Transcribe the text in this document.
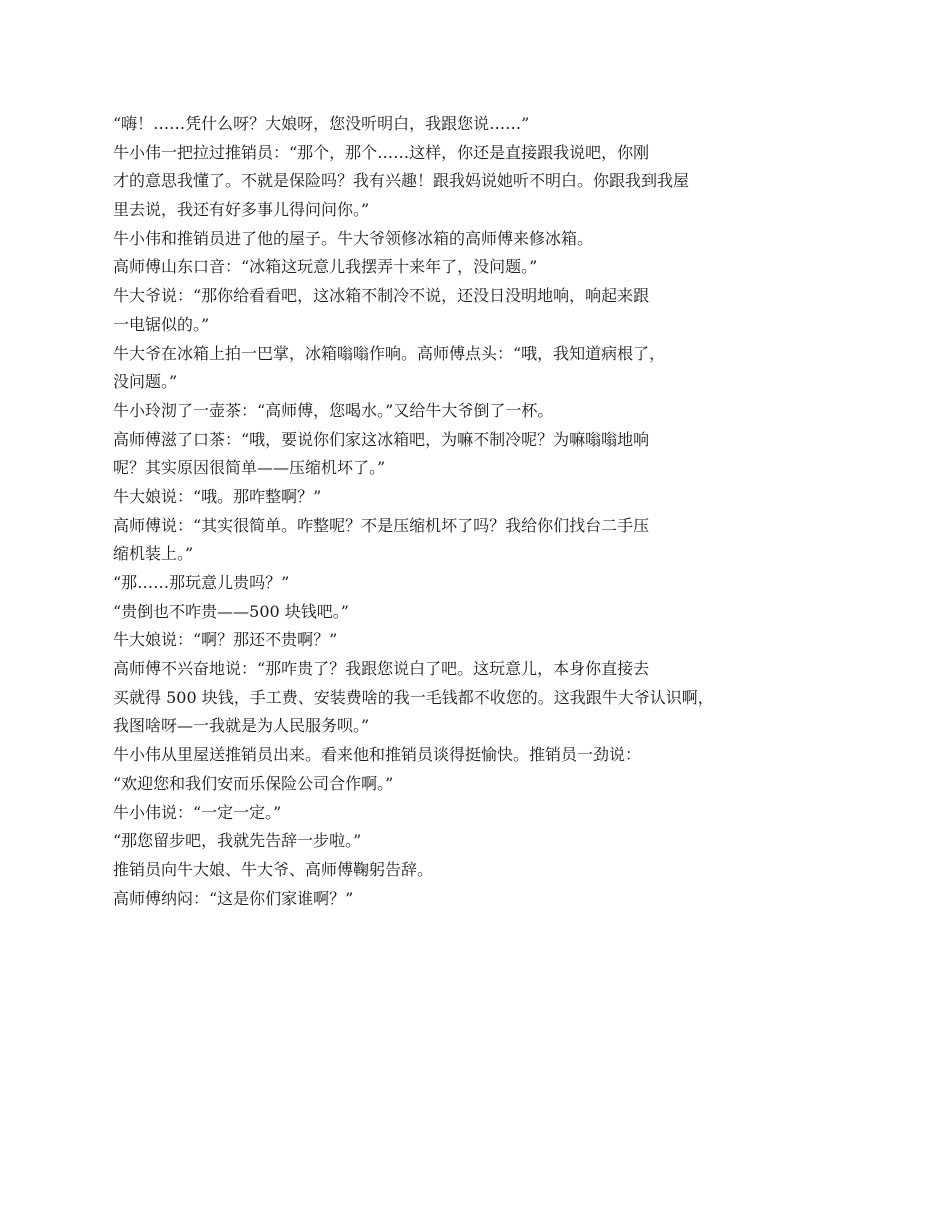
“嗨！……凭什么呀？大娘呀，您没听明白，我跟您说……”

牛小伟一把拉过推销员：“那个，那个……这样，你还是直接跟我说吧，你刚

才的意思我懂了。不就是保险吗？我有兴趣！跟我妈说她听不明白。你跟我到我屋

里去说，我还有好多事儿得问问你。”

牛小伟和推销员进了他的屋子。牛大爷领修冰箱的高师傅来修冰箱。

高师傅山东口音：“冰箱这玩意儿我摆弄十来年了，没问题。”

牛大爷说：“那你给看看吧，这冰箱不制冷不说，还没日没明地响，响起来跟

一电锯似的。”

牛大爷在冰箱上拍一巴掌，冰箱嗡嗡作响。高师傅点头：“哦，我知道病根了，

没问题。”

牛小玲沏了一壶茶：“高师傅，您喝水。”又给牛大爷倒了一杯。

高师傅滋了口茶：“哦，要说你们家这冰箱吧，为嘛不制冷呢？为嘛嗡嗡地响

呢？其实原因很简单——压缩机坏了。”

牛大娘说：“哦。那咋整啊？”

高师傅说：“其实很简单。咋整呢？不是压缩机坏了吗？我给你们找台二手压

缩机装上。”

“那……那玩意儿贵吗？”

“贵倒也不咋贵——500 块钱吧。”

牛大娘说：“啊？那还不贵啊？”

高师傅不兴奋地说：“那咋贵了？我跟您说白了吧。这玩意儿，本身你直接去

买就得 500 块钱，手工费、安装费啥的我一毛钱都不收您的。这我跟牛大爷认识啊，

我图啥呀—一我就是为人民服务呗。”

牛小伟从里屋送推销员出来。看来他和推销员谈得挺愉快。推销员一劲说：

“欢迎您和我们安而乐保险公司合作啊。”

牛小伟说：“一定一定。”

“那您留步吧，我就先告辞一步啦。”

推销员向牛大娘、牛大爷、高师傅鞠躬告辞。

高师傅纳闷：“这是你们家谁啊？”
